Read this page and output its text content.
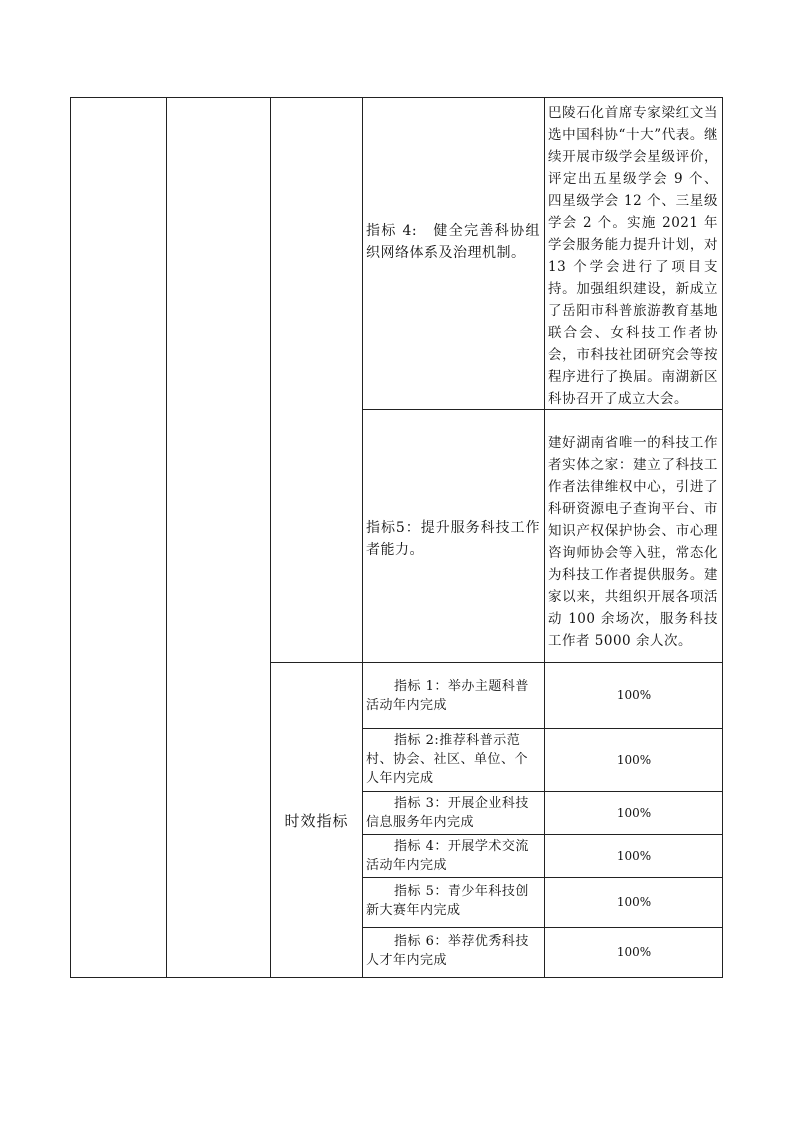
指标 4:　健全完善科协组织网络体系及治理机制。
巴陵石化首席专家梁红文当选中国科协“十大”代表。继续开展市级学会星级评价，评定出五星级学会 9 个、四星级学会 12 个、三星级学会 2 个。实施 2021 年学会服务能力提升计划，对 13 个学会进行了项目支持。加强组织建设，新成立了岳阳市科普旅游教育基地联合会、女科技工作者协会，市科技社团研究会等按程序进行了换届。南湖新区科协召开了成立大会。
指标5：提升服务科技工作者能力。
建好湖南省唯一的科技工作者实体之家：建立了科技工作者法律维权中心，引进了科研资源电子查询平台、市知识产权保护协会、市心理咨询师协会等入驻，常态化为科技工作者提供服务。建家以来，共组织开展各项活动 100 余场次，服务科技工作者 5000 余人次。
时效指标
指标 1：举办主题科普活动年内完成
100%
指标 2:推荐科普示范村、协会、社区、单位、个人年内完成
100%
指标 3：开展企业科技信息服务年内完成
100%
指标 4：开展学术交流活动年内完成
100%
指标 5：青少年科技创新大赛年内完成
100%
指标 6：举荐优秀科技人才年内完成
100%
